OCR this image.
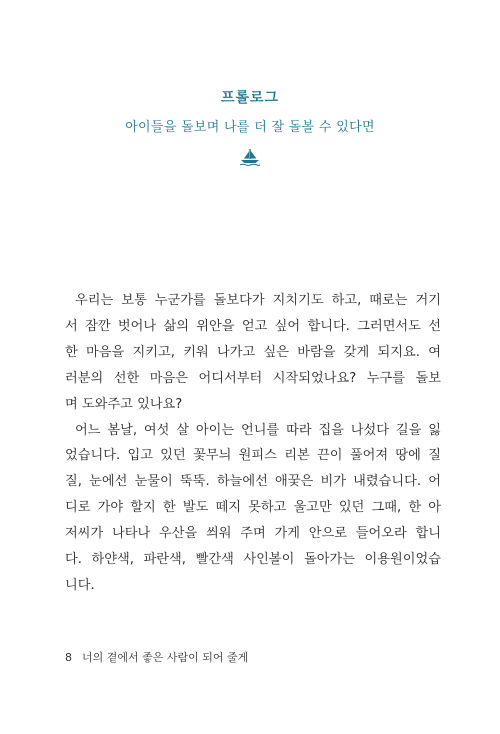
프롤로그
아이들을 돌보며 나를 더 잘 돌볼 수 있다면

우리는 보통 누군가를 돌보다가 지치기도 하고, 때로는 거기
서 잠깐 벗어나 삶의 위안을 얻고 싶어 합니다. 그러면서도 선
한 마음을 지키고, 키워 나가고 싶은 바람을 갖게 되지요. 여
러분의 선한 마음은 어디서부터 시작되었나요? 누구를 돌보
며 도와주고 있나요?

어느 봄날, 여섯 살 아이는 언니를 따라 집을 나섰다 길을 잃
었습니다. 입고 있던 꽃무늬 원피스 리본 끈이 풀어져 땅에 질
질, 눈에선 눈물이 뚝뚝. 하늘에선 애꿎은 비가 내렸습니다. 어
디로 가야 할지 한 발도 떼지 못하고 울고만 있던 그때, 한 아
저씨가 나타나 우산을 씌워 주며 가게 안으로 들어오라 합니
다. 하얀색, 파란색, 빨간색 사인볼이 돌아가는 이용원이었습
니다.

8 너의 곁에서 좋은 사람이 되어 줄게
